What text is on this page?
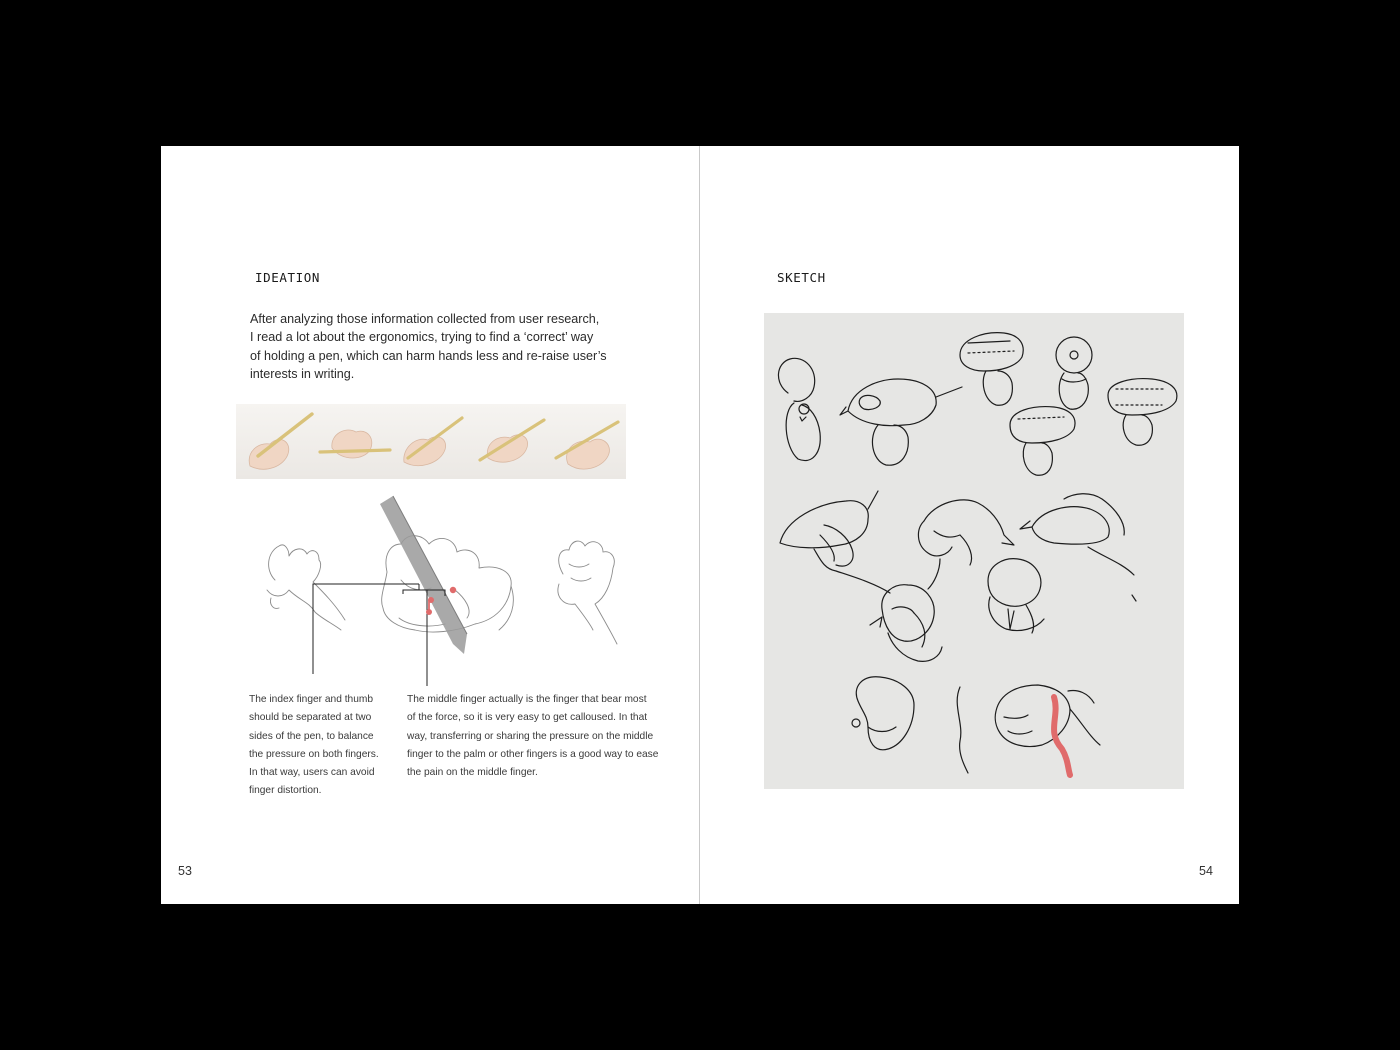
IDEATION
After analyzing those information collected from user research,
I read a lot about the ergonomics, trying to find a ‘correct’ way
of holding a pen, which can harm hands less and re-raise user’s
interests in writing.
The index finger and thumb
should be separated at two
sides of the pen, to balance
the pressure on both fingers.
In that way, users can avoid
finger distortion.
The middle finger actually is the finger that bear most
of the force, so it is very easy to get calloused. In that
way, transferring or sharing the pressure on the middle
finger to the palm or other fingers is a good way to ease
the pain on the middle finger.
53
SKETCH
54
